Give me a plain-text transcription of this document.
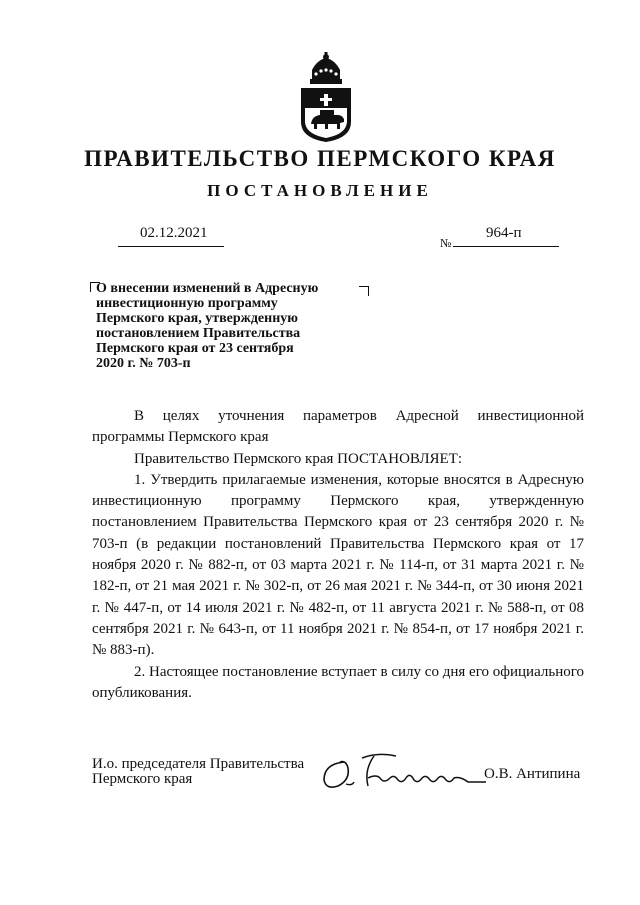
ПРАВИТЕЛЬСТВО ПЕРМСКОГО КРАЯ
ПОСТАНОВЛЕНИЕ
02.12.2021
№
964-п
О внесении изменений в Адресную
инвестиционную программу
Пермского края, утвержденную
постановлением Правительства
Пермского края от 23 сентября
2020 г. № 703-п

В целях уточнения параметров Адресной инвестиционной программы Пермского края

Правительство Пермского края ПОСТАНОВЛЯЕТ:

1. Утвердить прилагаемые изменения, которые вносятся в Адресную инвестиционную программу Пермского края, утвержденную постановлением Правительства Пермского края от 23 сентября 2020 г. № 703-п (в редакции постановлений Правительства Пермского края от 17 ноября 2020 г. № 882-п, от 03 марта 2021 г. № 114-п, от 31 марта 2021 г. № 182-п, от 21 мая 2021 г. № 302-п, от 26 мая 2021 г. № 344-п, от 30 июня 2021 г. № 447-п, от 14 июля 2021 г. № 482-п, от 11 августа 2021 г. № 588-п, от 08 сентября 2021 г. № 643-п, от 11 ноября 2021 г. № 854-п, от 17 ноября 2021 г. № 883-п).

2. Настоящее постановление вступает в силу со дня его официального опубликования.

И.о. председателя Правительства
Пермского края	О.В. Антипина
